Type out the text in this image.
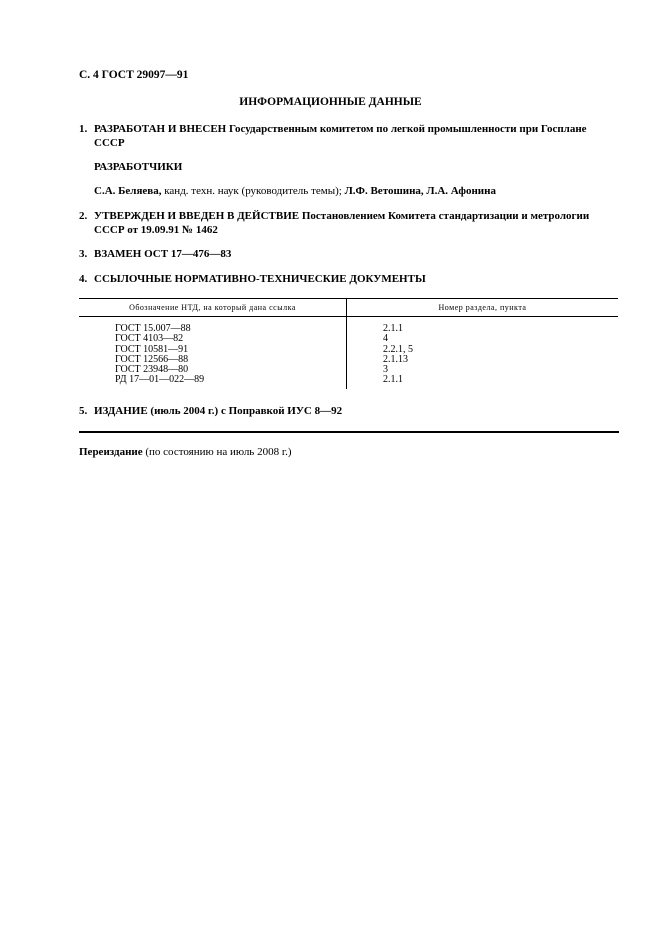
С. 4 ГОСТ 29097—91
ИНФОРМАЦИОННЫЕ ДАННЫЕ
1. РАЗРАБОТАН И ВНЕСЕН Государственным комитетом по легкой промышленности при Госплане
СССР
РАЗРАБОТЧИКИ
С.А. Беляева, канд. техн. наук (руководитель темы); Л.Ф. Ветошина, Л.А. Афонина
2. УТВЕРЖДЕН И ВВЕДЕН В ДЕЙСТВИЕ Постановлением Комитета стандартизации и метрологии
СССР от 19.09.91 № 1462
3. ВЗАМЕН ОСТ 17—476—83
4. ССЫЛОЧНЫЕ НОРМАТИВНО-ТЕХНИЧЕСКИЕ ДОКУМЕНТЫ
Обозначение НТД, на который дана ссылка	Номер раздела, пункта
ГОСТ 15.007—88	2.1.1
ГОСТ 4103—82	4
ГОСТ 10581—91	2.2.1, 5
ГОСТ 12566—88	2.1.13
ГОСТ 23948—80	3
РД 17—01—022—89	2.1.1
5. ИЗДАНИЕ (июль 2004 г.) с Поправкой ИУС 8—92
Переиздание (по состоянию на июль 2008 г.)
